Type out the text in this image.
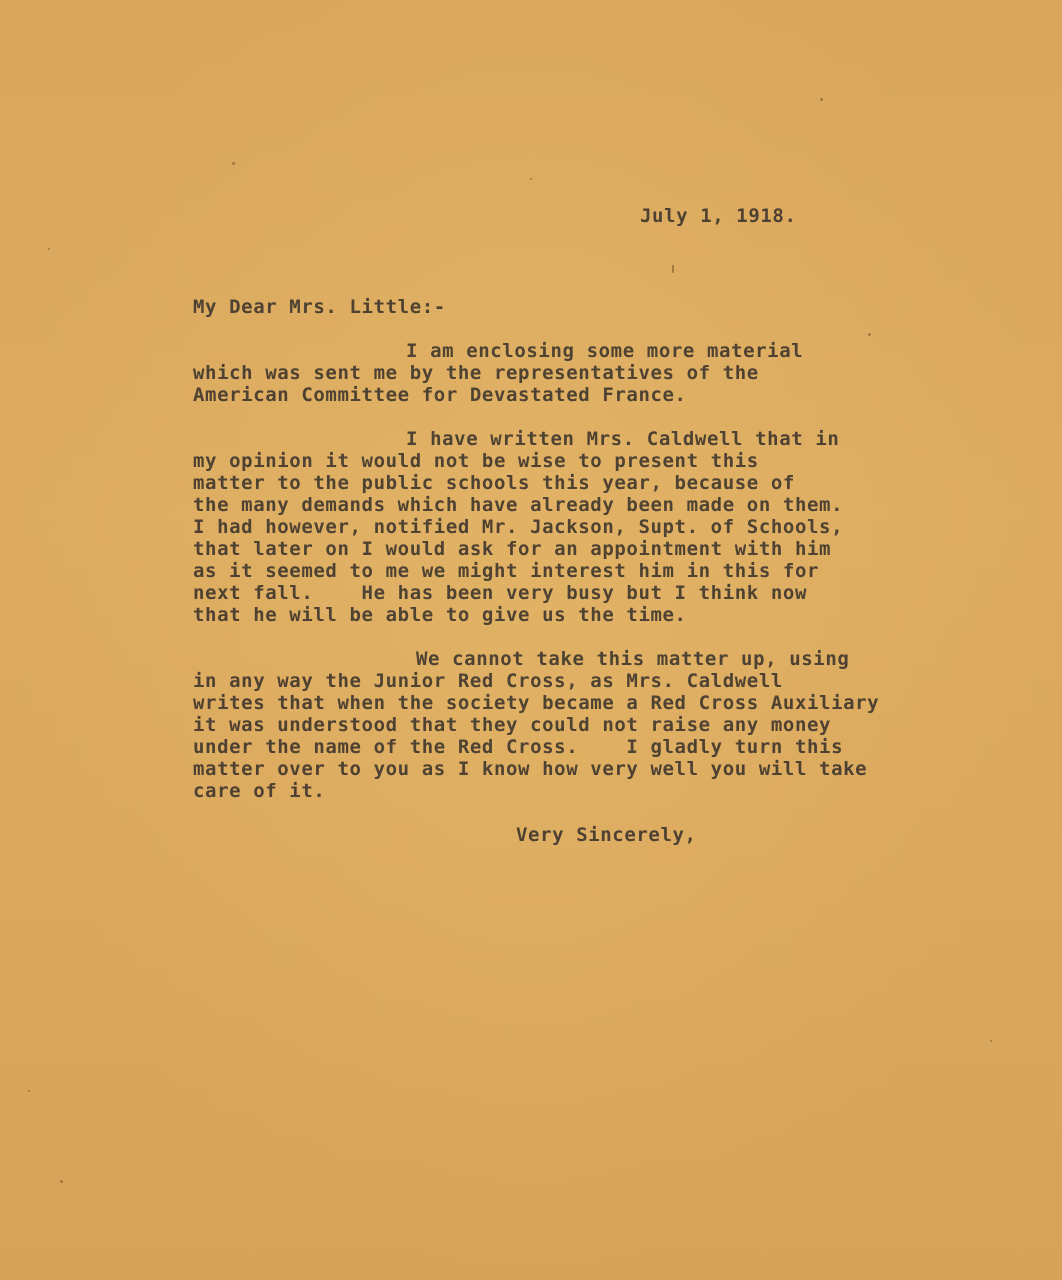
July 1, 1918.
My Dear Mrs. Little:-
I am enclosing some more material
which was sent me by the representatives of the
American Committee for Devastated France.
I have written Mrs. Caldwell that in
my opinion it would not be wise to present this
matter to the public schools this year, because of
the many demands which have already been made on them.
I had however, notified Mr. Jackson, Supt. of Schools,
that later on I would ask for an appointment with him
as it seemed to me we might interest him in this for
next fall.    He has been very busy but I think now
that he will be able to give us the time.
We cannot take this matter up, using
in any way the Junior Red Cross, as Mrs. Caldwell
writes that when the society became a Red Cross Auxiliary
it was understood that they could not raise any money
under the name of the Red Cross.    I gladly turn this
matter over to you as I know how very well you will take
care of it.
Very Sincerely,
